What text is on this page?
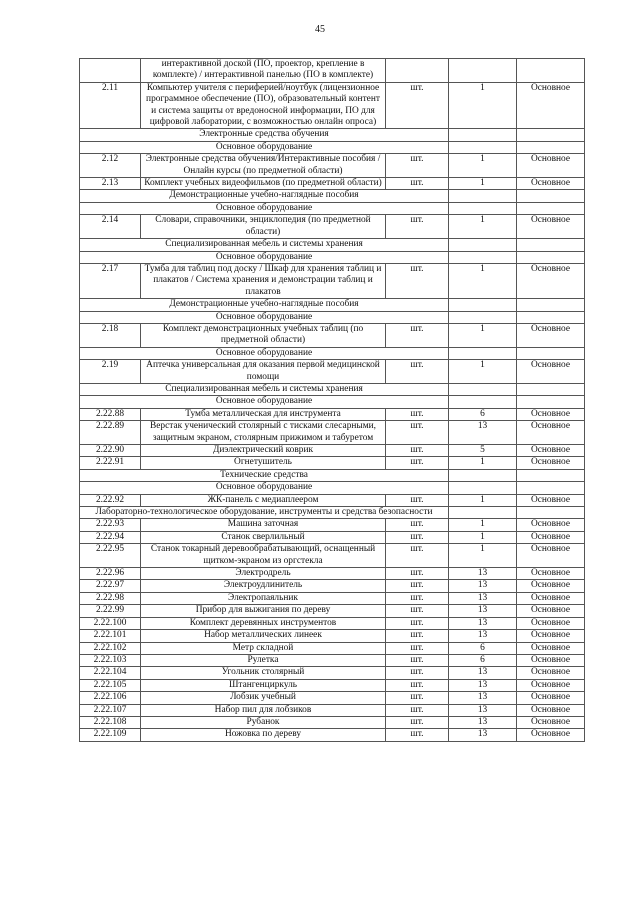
45
	интерактивной доской (ПО, проектор, крепление в комплекте) / интерактивной панелью (ПО в комплекте)			
2.11	Компьютер учителя с периферией/ноутбук (лицензионное программное обеспечение (ПО), образовательный контент и система защиты от вредоносной информации, ПО для цифровой лаборатории, с возможностью онлайн опроса)	шт.	1	Основное
Электронные средства обучения				
Основное оборудование				
2.12	Электронные средства обучения/Интерактивные пособия / Онлайн курсы (по предметной области)	шт.	1	Основное
2.13	Комплект учебных видеофильмов (по предметной области)	шт.	1	Основное
Демонстрационные учебно-наглядные пособия				
Основное оборудование				
2.14	Словари, справочники, энциклопедия (по предметной области)	шт.	1	Основное
Специализированная мебель и системы хранения				
Основное оборудование				
2.17	Тумба для таблиц под доску / Шкаф для хранения таблиц и плакатов / Система хранения и демонстрации таблиц и плакатов	шт.	1	Основное
Демонстрационные учебно-наглядные пособия				
Основное оборудование				
2.18	Комплект демонстрационных учебных таблиц (по предметной области)	шт.	1	Основное
Основное оборудование				
2.19	Аптечка универсальная для оказания первой медицинской помощи	шт.	1	Основное
Специализированная мебель и системы хранения				
Основное оборудование				
2.22.88	Тумба металлическая для инструмента	шт.	6	Основное
2.22.89	Верстак ученический столярный с тисками слесарными, защитным экраном, столярным прижимом и табуретом	шт.	13	Основное
2.22.90	Диэлектрический коврик	шт.	5	Основное
2.22.91	Огнетушитель	шт.	1	Основное
Технические средства				
Основное оборудование				
2.22.92	ЖК-панель с медиаплеером	шт.	1	Основное
Лабораторно-технологическое оборудование, инструменты и средства безопасности				
2.22.93	Машина заточная	шт.	1	Основное
2.22.94	Станок сверлильный	шт.	1	Основное
2.22.95	Станок токарный деревообрабатывающий, оснащенный щитком-экраном из оргстекла	шт.	1	Основное
2.22.96	Электродрель	шт.	13	Основное
2.22.97	Электроудлинитель	шт.	13	Основное
2.22.98	Электропаяльник	шт.	13	Основное
2.22.99	Прибор для выжигания по дереву	шт.	13	Основное
2.22.100	Комплект деревянных инструментов	шт.	13	Основное
2.22.101	Набор металлических линеек	шт.	13	Основное
2.22.102	Метр складной	шт.	6	Основное
2.22.103	Рулетка	шт.	6	Основное
2.22.104	Угольник столярный	шт.	13	Основное
2.22.105	Штангенциркуль	шт.	13	Основное
2.22.106	Лобзик учебный	шт.	13	Основное
2.22.107	Набор пил для лобзиков	шт.	13	Основное
2.22.108	Рубанок	шт.	13	Основное
2.22.109	Ножовка по дереву	шт.	13	Основное
